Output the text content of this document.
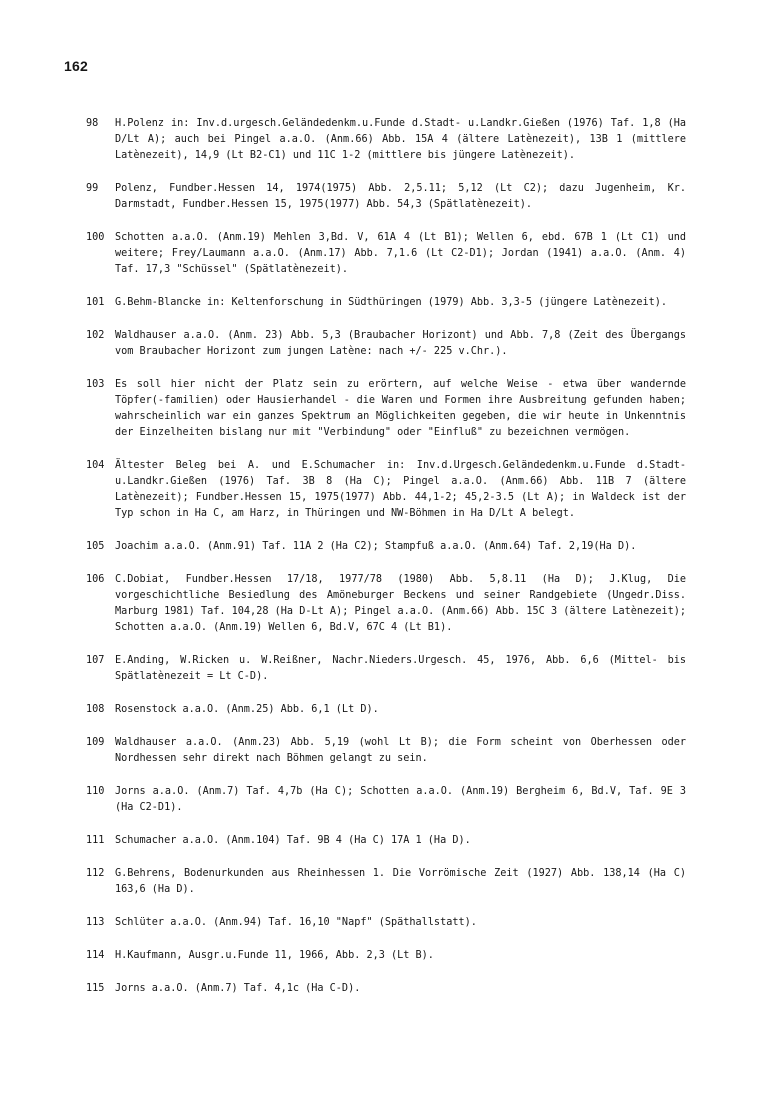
162
98 H.Polenz in: Inv.d.urgesch.Geländedenkm.u.Funde d.Stadt- u.Landkr.Gießen (1976) Taf. 1,8 (Ha D/Lt A); auch bei Pingel a.a.O. (Anm.66) Abb. 15A 4 (ältere Latènezeit), 13B 1 (mittlere Latènezeit), 14,9 (Lt B2-C1) und 11C 1-2 (mittlere bis jüngere Latènezeit).
99 Polenz, Fundber.Hessen 14, 1974(1975) Abb. 2,5.11; 5,12 (Lt C2); dazu Jugenheim, Kr. Darmstadt, Fundber.Hessen 15, 1975(1977) Abb. 54,3 (Spätlatènezeit).
100 Schotten a.a.O. (Anm.19) Mehlen 3,Bd. V, 61A 4 (Lt B1); Wellen 6, ebd. 67B 1 (Lt C1) und weitere; Frey/Laumann a.a.O. (Anm.17) Abb. 7,1.6 (Lt C2-D1); Jordan (1941) a.a.O. (Anm. 4) Taf. 17,3 "Schüssel" (Spätlatènezeit).
101 G.Behm-Blancke in: Keltenforschung in Südthüringen (1979) Abb. 3,3-5 (jüngere Latènezeit).
102 Waldhauser a.a.O. (Anm. 23) Abb. 5,3 (Braubacher Horizont) und Abb. 7,8 (Zeit des Übergangs vom Braubacher Horizont zum jungen Latène: nach +/- 225 v.Chr.).
103 Es soll hier nicht der Platz sein zu erörtern, auf welche Weise - etwa über wandernde Töpfer(-familien) oder Hausierhandel - die Waren und Formen ihre Ausbreitung gefunden haben; wahrscheinlich war ein ganzes Spektrum an Möglichkeiten gegeben, die wir heute in Unkenntnis der Einzelheiten bislang nur mit "Verbindung" oder "Einfluß" zu bezeichnen vermögen.
104 Ältester Beleg bei A. und E.Schumacher in: Inv.d.Urgesch.Geländedenkm.u.Funde d.Stadt-u.Landkr.Gießen (1976) Taf. 3B 8 (Ha C); Pingel a.a.O. (Anm.66) Abb. 11B 7 (ältere Latènezeit); Fundber.Hessen 15, 1975(1977) Abb. 44,1-2; 45,2-3.5 (Lt A); in Waldeck ist der Typ schon in Ha C, am Harz, in Thüringen und NW-Böhmen in Ha D/Lt A belegt.
105 Joachim a.a.O. (Anm.91) Taf. 11A 2 (Ha C2); Stampfuß a.a.O. (Anm.64) Taf. 2,19(Ha D).
106 C.Dobiat, Fundber.Hessen 17/18, 1977/78 (1980) Abb. 5,8.11 (Ha D); J.Klug, Die vorgeschichtliche Besiedlung des Amöneburger Beckens und seiner Randgebiete (Ungedr.Diss. Marburg 1981) Taf. 104,28 (Ha D-Lt A); Pingel a.a.O. (Anm.66) Abb. 15C 3 (ältere Latènezeit); Schotten a.a.O. (Anm.19) Wellen 6, Bd.V, 67C 4 (Lt B1).
107 E.Anding, W.Ricken u. W.Reißner, Nachr.Nieders.Urgesch. 45, 1976, Abb. 6,6 (Mittel- bis Spätlatènezeit = Lt C-D).
108 Rosenstock a.a.O. (Anm.25) Abb. 6,1 (Lt D).
109 Waldhauser a.a.O. (Anm.23) Abb. 5,19 (wohl Lt B); die Form scheint von Oberhessen oder Nordhessen sehr direkt nach Böhmen gelangt zu sein.
110 Jorns a.a.O. (Anm.7) Taf. 4,7b (Ha C); Schotten a.a.O. (Anm.19) Bergheim 6, Bd.V, Taf. 9E 3 (Ha C2-D1).
111 Schumacher a.a.O. (Anm.104) Taf. 9B 4 (Ha C) 17A 1 (Ha D).
112 G.Behrens, Bodenurkunden aus Rheinhessen 1. Die Vorrömische Zeit (1927) Abb. 138,14 (Ha C) 163,6 (Ha D).
113 Schlüter a.a.O. (Anm.94) Taf. 16,10 "Napf" (Späthallstatt).
114 H.Kaufmann, Ausgr.u.Funde 11, 1966, Abb. 2,3 (Lt B).
115 Jorns a.a.O. (Anm.7) Taf. 4,1c (Ha C-D).
